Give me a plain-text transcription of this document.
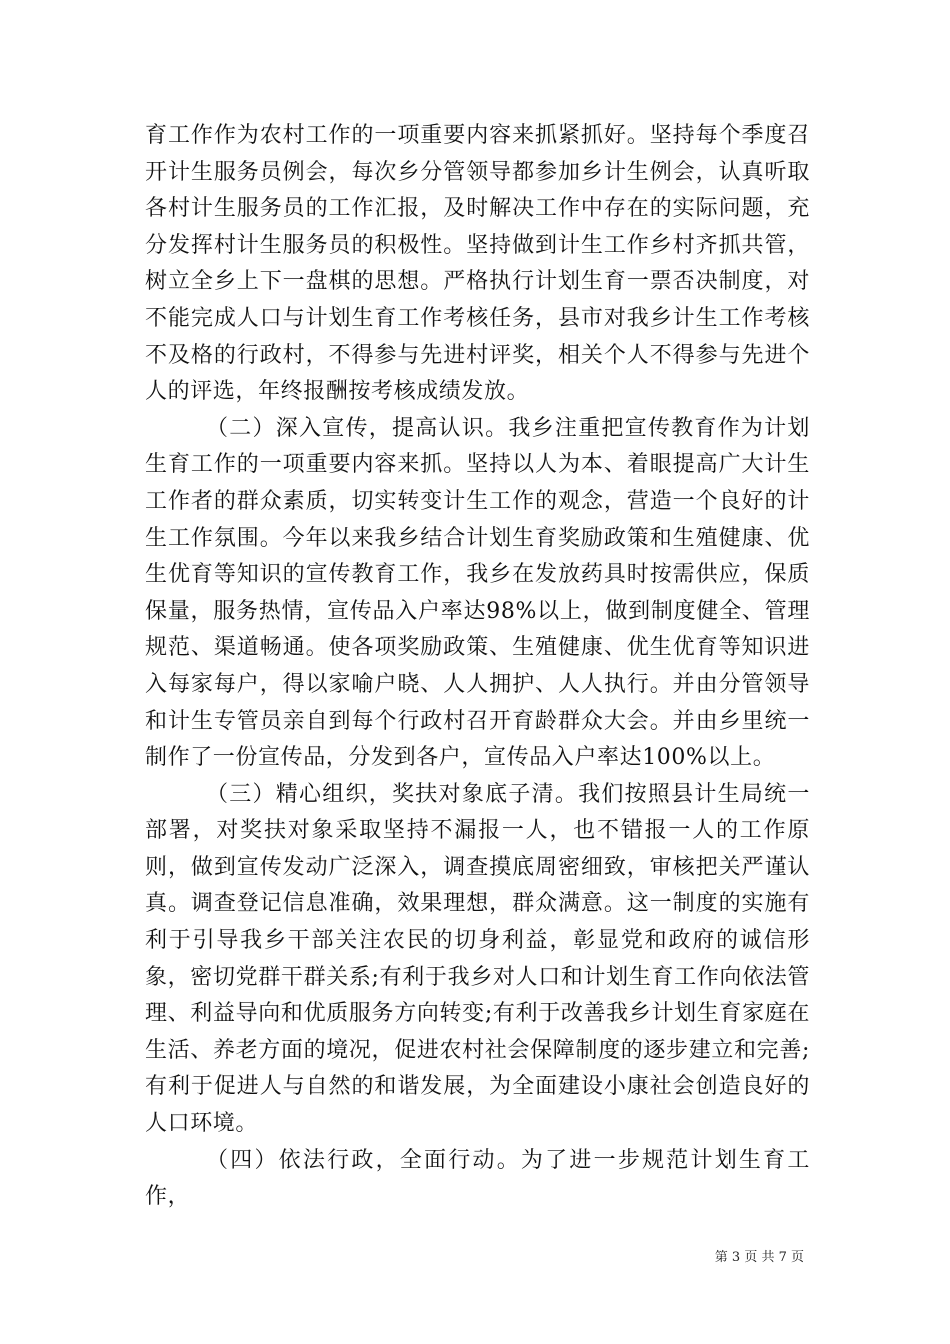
育工作作为农村工作的一项重要内容来抓紧抓好。坚持每个季度召开计生服务员例会，每次乡分管领导都参加乡计生例会，认真听取各村计生服务员的工作汇报，及时解决工作中存在的实际问题，充分发挥村计生服务员的积极性。坚持做到计生工作乡村齐抓共管，树立全乡上下一盘棋的思想。严格执行计划生育一票否决制度，对不能完成人口与计划生育工作考核任务，县市对我乡计生工作考核不及格的行政村，不得参与先进村评奖，相关个人不得参与先进个人的评选，年终报酬按考核成绩发放。

（二）深入宣传，提高认识。我乡注重把宣传教育作为计划生育工作的一项重要内容来抓。坚持以人为本、着眼提高广大计生工作者的群众素质，切实转变计生工作的观念，营造一个良好的计生工作氛围。今年以来我乡结合计划生育奖励政策和生殖健康、优生优育等知识的宣传教育工作，我乡在发放药具时按需供应，保质保量，服务热情，宣传品入户率达98%以上，做到制度健全、管理规范、渠道畅通。使各项奖励政策、生殖健康、优生优育等知识进入每家每户，得以家喻户晓、人人拥护、人人执行。并由分管领导和计生专管员亲自到每个行政村召开育龄群众大会。并由乡里统一制作了一份宣传品，分发到各户，宣传品入户率达100%以上。

（三）精心组织，奖扶对象底子清。我们按照县计生局统一部署，对奖扶对象采取坚持不漏报一人，也不错报一人的工作原则，做到宣传发动广泛深入，调查摸底周密细致，审核把关严谨认真。调查登记信息准确，效果理想，群众满意。这一制度的实施有利于引导我乡干部关注农民的切身利益，彰显党和政府的诚信形象，密切党群干群关系;有利于我乡对人口和计划生育工作向依法管理、利益导向和优质服务方向转变;有利于改善我乡计划生育家庭在生活、养老方面的境况，促进农村社会保障制度的逐步建立和完善;有利于促进人与自然的和谐发展，为全面建设小康社会创造良好的人口环境。

（四）依法行政，全面行动。为了进一步规范计划生育工作，

第 3 页 共 7 页
